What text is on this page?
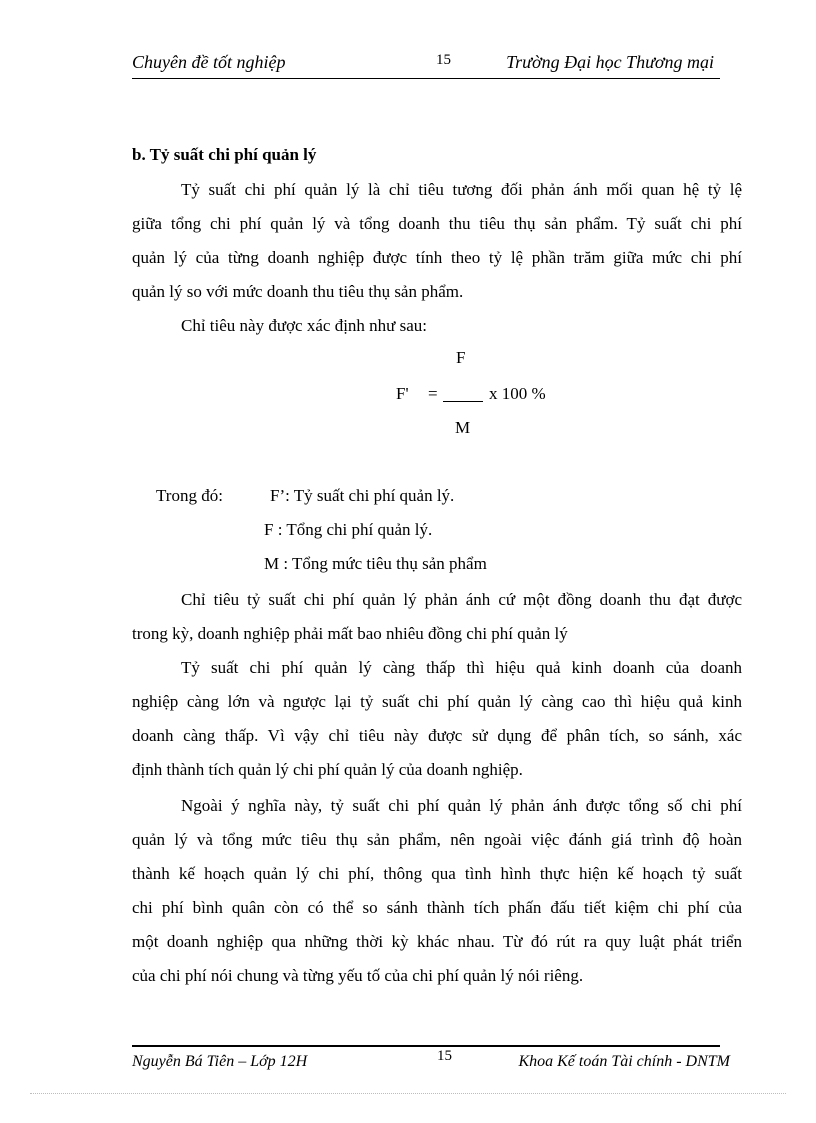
Chuyên đề tốt nghiệp	15	Trường Đại học Thương mại
b. Tỷ suất chi phí quản lý
Tỷ suất chi phí quản lý là chỉ tiêu tương đối phản ánh mối quan hệ tỷ lệ
giữa tổng chi phí quản lý và tổng doanh thu tiêu thụ sản phẩm. Tỷ suất chi phí
quản lý của từng doanh nghiệp được tính theo tỷ lệ phần trăm giữa mức chi phí
quản lý so với mức doanh thu tiêu thụ sản phẩm.
Chỉ tiêu này được xác định như sau:
F
F' =	x 100 %
M
Trong đó:	F’: Tỷ suất chi phí quản lý.
F : Tổng chi phí quản lý.
M : Tổng mức tiêu thụ sản phẩm
Chỉ tiêu tỷ suất chi phí quản lý phản ánh cứ một đồng doanh thu đạt được
trong kỳ, doanh nghiệp phải mất bao nhiêu đồng chi phí quản lý
Tỷ suất chi phí quản lý càng thấp thì hiệu quả kinh doanh của doanh
nghiệp càng lớn và ngược lại tỷ suất chi phí quản lý càng cao thì hiệu quả kinh
doanh càng thấp. Vì vậy chỉ tiêu này được sử dụng để phân tích, so sánh, xác
định thành tích quản lý chi phí quản lý của doanh nghiệp.
Ngoài ý nghĩa này, tỷ suất chi phí quản lý phản ánh được tổng số chi phí
quản lý và tổng mức tiêu thụ sản phẩm, nên ngoài việc đánh giá trình độ hoàn
thành kế hoạch quản lý chi phí, thông qua tình hình thực hiện kế hoạch tỷ suất
chi phí bình quân còn có thể so sánh thành tích phấn đấu tiết kiệm chi phí của
một doanh nghiệp qua những thời kỳ khác nhau. Từ đó rút ra quy luật phát triển
của chi phí nói chung và từng yếu tố của chi phí quản lý nói riêng.
Nguyễn Bá Tiên – Lớp 12H	15	Khoa Kế toán Tài chính - DNTM
